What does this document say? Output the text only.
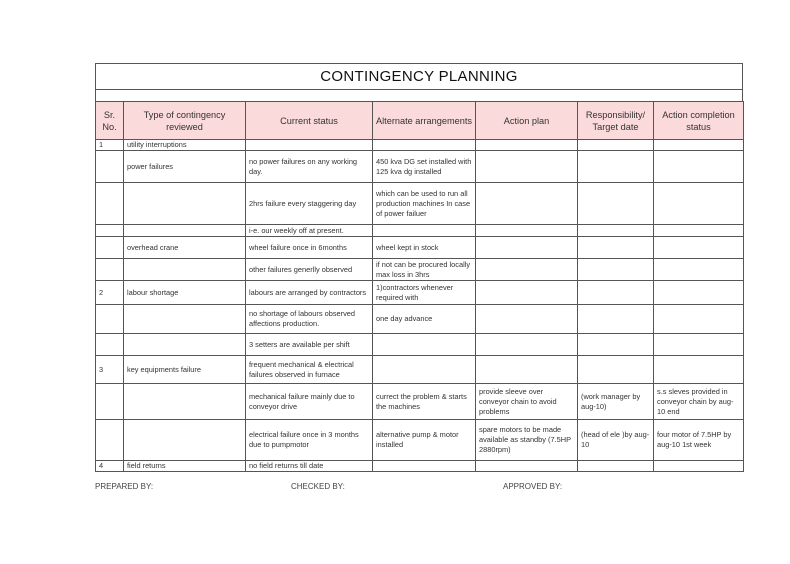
CONTINGENCY PLANNING
Sr. No.	Type of contingency reviewed	Current status	Alternate arrangements	Action plan	Responsibility/ Target date	Action completion status
1	utility interruptions					
	power failures	no power failures on any working day.	450 kva DG set installed with 125 kva dg installed			
		2hrs failure every staggering day	which can be used to run all production machines In case of power failuer			
		i-e. our weekly off at present.				
	overhead crane	wheel failure once in 6months	wheel kept in stock			
		other failures generlly observed	if not can be procured locally max loss in 3hrs			
2	labour shortage	labours are arranged by contractors	1)contractors whenever required with			
		no shortage of labours observed affections production.	one day advance			
		3 setters are available per shift				
3	key equipments failure	frequent mechanical & electrical failures observed in furnace				
		mechanical failure mainly due to conveyor drive	currect the problem & starts the machines	provide sleeve over conveyor chain to avoid problems	(work manager by aug-10)	s.s sleves provided in conveyor chain by aug-10 end
		electrical failure once in 3 months due to pumpmotor	alternative pump & motor installed	spare motors to be made available as standby (7.5HP 2880rpm)	(head of ele )by aug-10	four motor of 7.5HP by aug-10 1st week
4	field returns	no field returns till date				
PREPARED BY:	CHECKED BY:	APPROVED BY:
